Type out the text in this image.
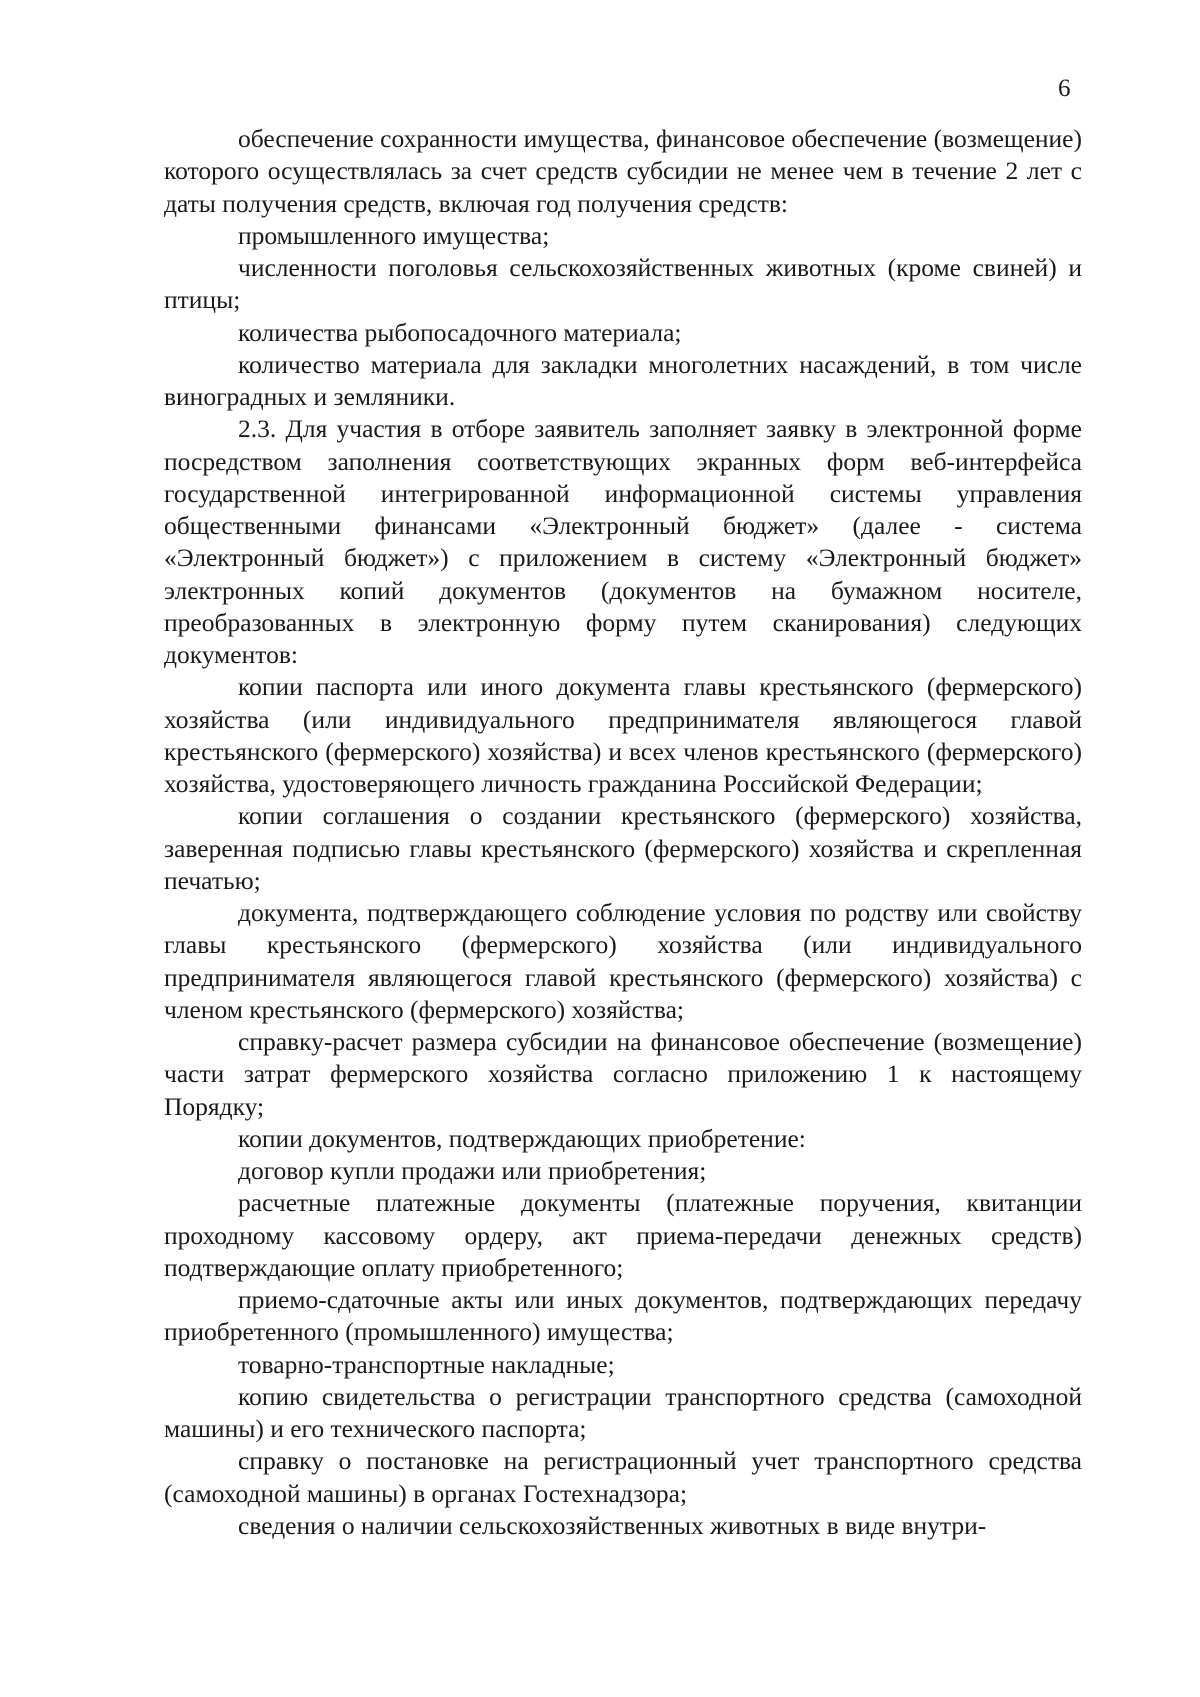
6

обеспечение сохранности имущества, финансовое обеспечение (возмещение) которого осуществлялась за счет средств субсидии не менее чем в течение 2 лет с даты получения средств, включая год получения средств:

промышленного имущества;

численности поголовья сельскохозяйственных животных (кроме свиней) и птицы;

количества рыбопосадочного материала;

количество материала для закладки многолетних насаждений, в том числе виноградных и земляники.

2.3. Для участия в отборе заявитель заполняет заявку в электронной форме посредством заполнения соответствующих экранных форм веб-интерфейса государственной интегрированной информационной системы управления общественными финансами «Электронный бюджет» (далее - система «Электронный бюджет») с приложением в систему «Электронный бюджет» электронных копий документов (документов на бумажном носителе, преобразованных в электронную форму путем сканирования) следующих документов:

копии паспорта или иного документа главы крестьянского (фермерского) хозяйства (или индивидуального предпринимателя являющегося главой крестьянского (фермерского) хозяйства) и всех членов крестьянского (фермерского) хозяйства, удостоверяющего личность гражданина Российской Федерации;

копии соглашения о создании крестьянского (фермерского) хозяйства, заверенная подписью главы крестьянского (фермерского) хозяйства и скрепленная печатью;

документа, подтверждающего соблюдение условия по родству или свойству главы крестьянского (фермерского) хозяйства (или индивидуального предпринимателя являющегося главой крестьянского (фермерского) хозяйства) с членом крестьянского (фермерского) хозяйства;

справку-расчет размера субсидии на финансовое обеспечение (возмещение) части затрат фермерского хозяйства согласно приложению 1 к настоящему Порядку;

копии документов, подтверждающих приобретение:

договор купли продажи или приобретения;

расчетные платежные документы (платежные поручения, квитанции проходному кассовому ордеру, акт приема-передачи денежных средств) подтверждающие оплату приобретенного;

приемо-сдаточные акты или иных документов, подтверждающих передачу приобретенного (промышленного) имущества;

товарно-транспортные накладные;

копию свидетельства о регистрации транспортного средства (самоходной машины) и его технического паспорта;

справку о постановке на регистрационный учет транспортного средства (самоходной машины) в органах Гостехнадзора;

сведения о наличии сельскохозяйственных животных в виде внутри-
